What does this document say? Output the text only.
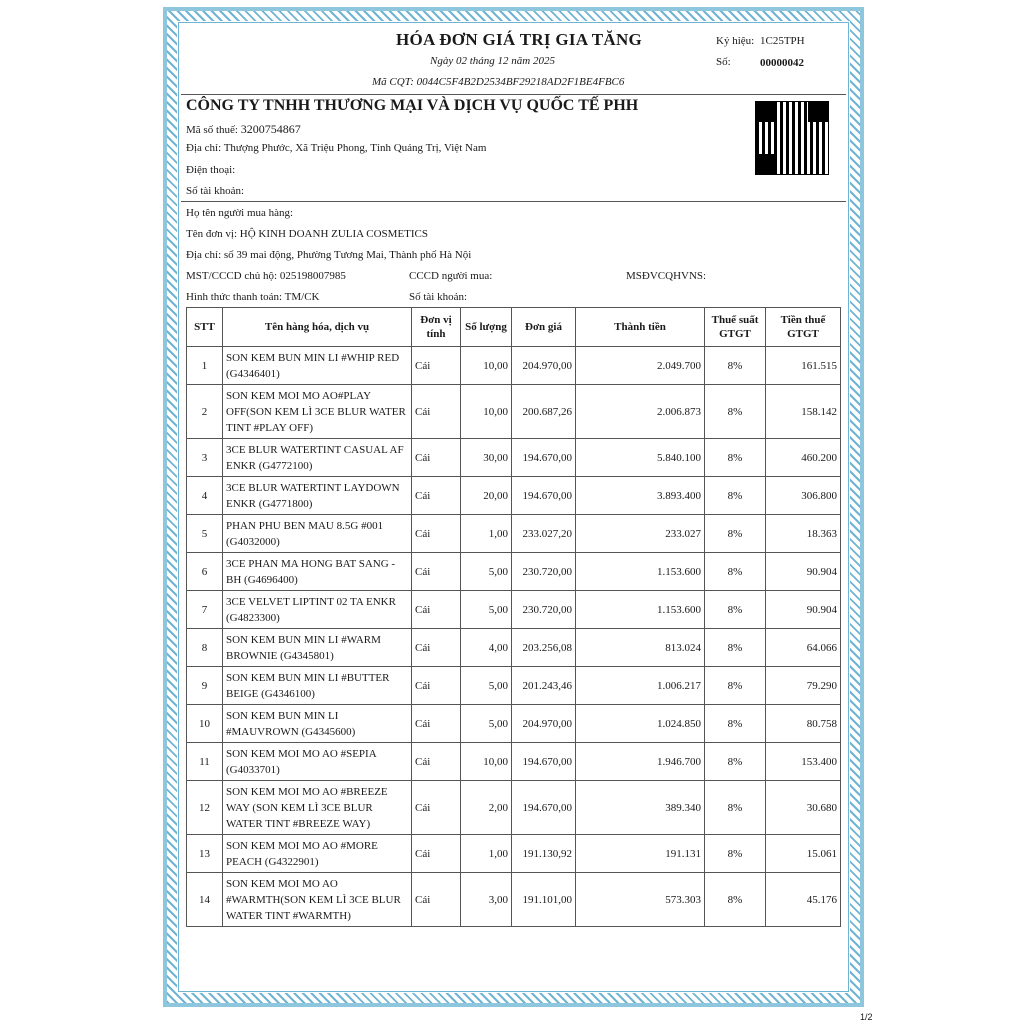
HÓA ĐƠN GIÁ TRỊ GIA TĂNG
Ngày 02 tháng 12 năm 2025
Mã CQT: 0044C5F4B2D2534BF29218AD2F1BE4FBC6
Ký hiệu: 1C25TPH
Số:	00000042
CÔNG TY TNHH THƯƠNG MẠI VÀ DỊCH VỤ QUỐC TẾ PHH
Mã số thuế: 3200754867
Địa chỉ: Thượng Phước, Xã Triệu Phong, Tỉnh Quảng Trị, Việt Nam
Điện thoại:
Số tài khoản:
Họ tên người mua hàng:
Tên đơn vị: HỘ KINH DOANH ZULIA COSMETICS
Địa chỉ: số 39 mai động, Phường Tương Mai, Thành phố Hà Nội
MST/CCCD chủ hộ: 025198007985	CCCD người mua:	MSĐVCQHVNS:
Hình thức thanh toán: TM/CK	Số tài khoản:
STT	Tên hàng hóa, dịch vụ	Đơn vị tính	Số lượng	Đơn giá	Thành tiền	Thuế suất GTGT	Tiền thuế GTGT
1	SON KEM BUN MIN LI #WHIP RED (G4346401)	Cái	10,00	204.970,00	2.049.700	8%	161.515
2	SON KEM MOI MO AO#PLAY OFF(SON KEM LÌ 3CE BLUR WATER TINT #PLAY OFF)	Cái	10,00	200.687,26	2.006.873	8%	158.142
3	3CE BLUR WATERTINT CASUAL AF ENKR (G4772100)	Cái	30,00	194.670,00	5.840.100	8%	460.200
4	3CE BLUR WATERTINT LAYDOWN ENKR (G4771800)	Cái	20,00	194.670,00	3.893.400	8%	306.800
5	PHAN PHU BEN MAU 8.5G #001 (G4032000)	Cái	1,00	233.027,20	233.027	8%	18.363
6	3CE PHAN MA HONG BAT SANG - BH (G4696400)	Cái	5,00	230.720,00	1.153.600	8%	90.904
7	3CE VELVET LIPTINT 02 TA ENKR (G4823300)	Cái	5,00	230.720,00	1.153.600	8%	90.904
8	SON KEM BUN MIN LI #WARM BROWNIE (G4345801)	Cái	4,00	203.256,08	813.024	8%	64.066
9	SON KEM BUN MIN LI #BUTTER BEIGE (G4346100)	Cái	5,00	201.243,46	1.006.217	8%	79.290
10	SON KEM BUN MIN LI #MAUVROWN (G4345600)	Cái	5,00	204.970,00	1.024.850	8%	80.758
11	SON KEM MOI MO AO #SEPIA (G4033701)	Cái	10,00	194.670,00	1.946.700	8%	153.400
12	SON KEM MOI MO AO #BREEZE WAY (SON KEM LÌ 3CE BLUR WATER TINT #BREEZE WAY)	Cái	2,00	194.670,00	389.340	8%	30.680
13	SON KEM MOI MO AO #MORE PEACH (G4322901)	Cái	1,00	191.130,92	191.131	8%	15.061
14	SON KEM MOI MO AO #WARMTH(SON KEM LÌ 3CE BLUR WATER TINT #WARMTH)	Cái	3,00	191.101,00	573.303	8%	45.176
1/2
